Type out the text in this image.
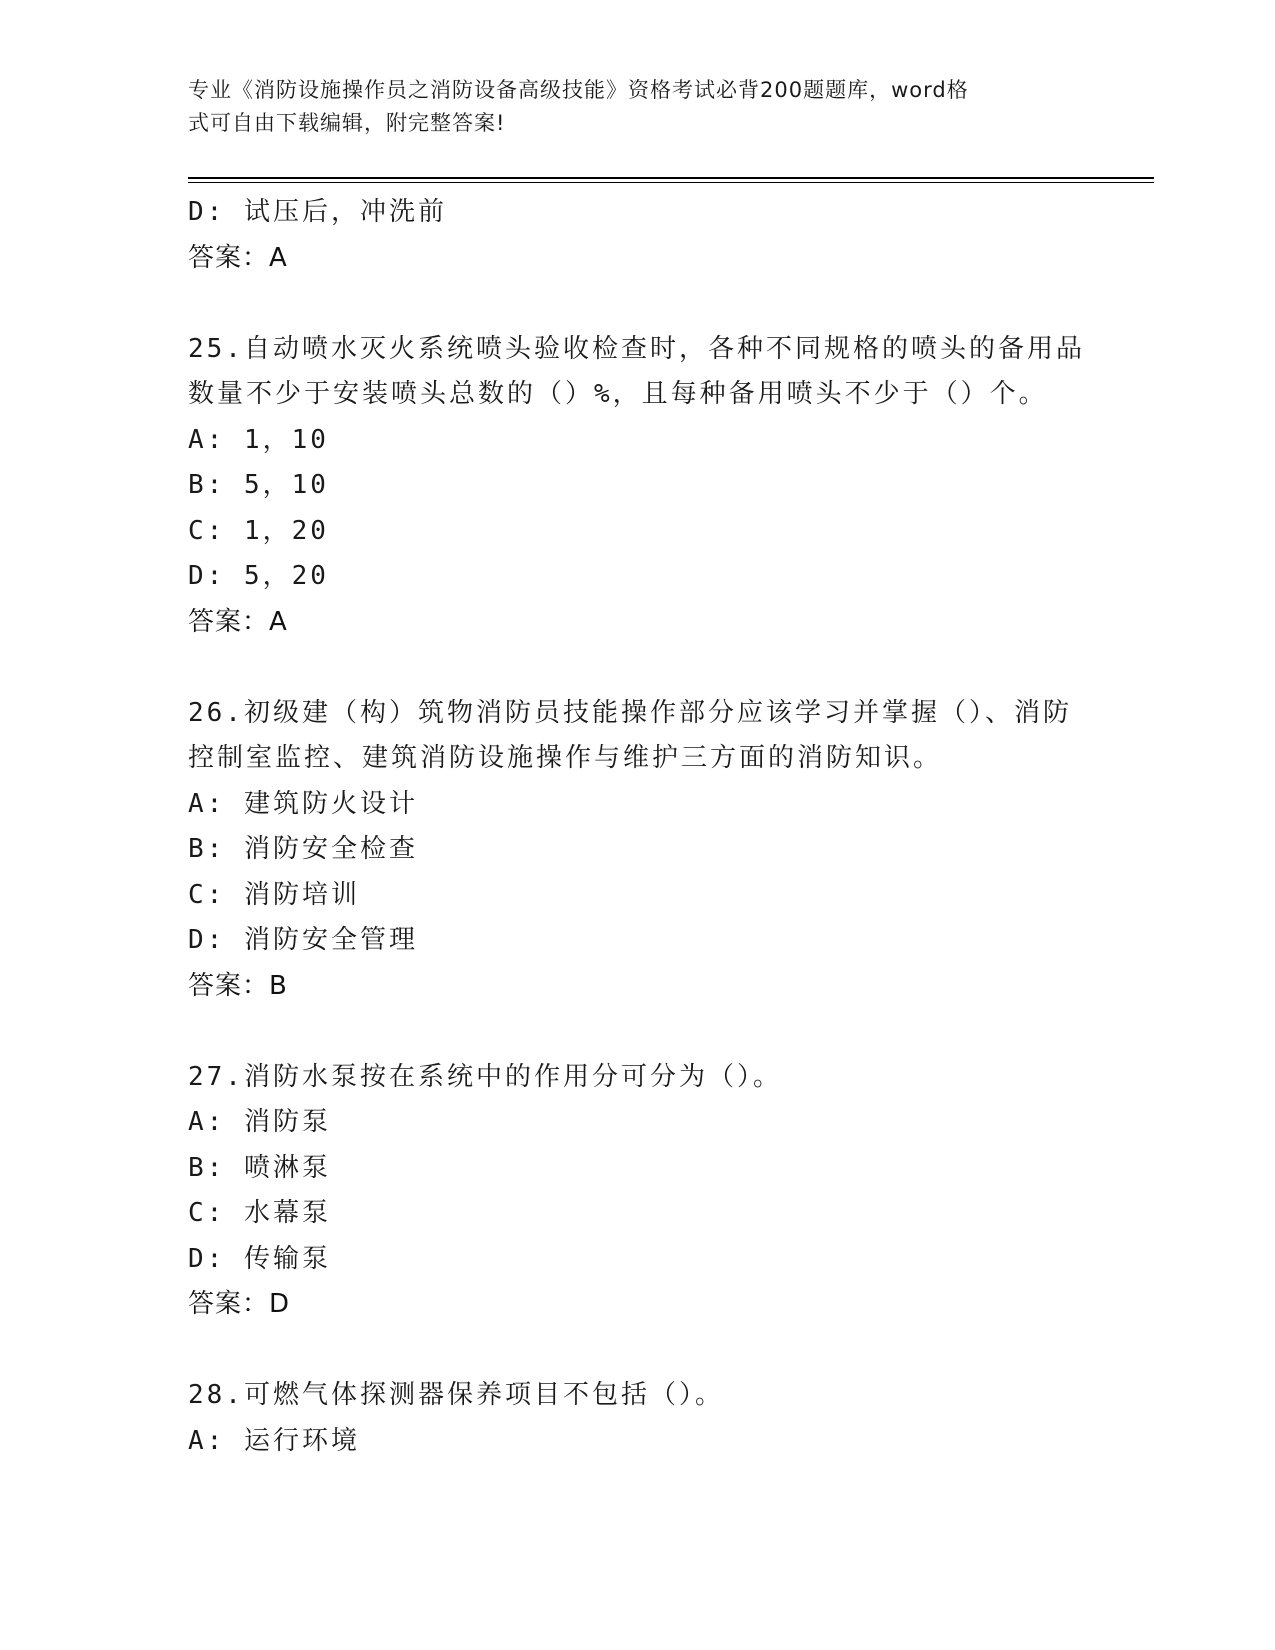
专业《消防设施操作员之消防设备高级技能》资格考试必背200题题库，word格
式可自由下载编辑，附完整答案!
D: 试压后，冲洗前
答案：A
25.自动喷水灭火系统喷头验收检查时，各种不同规格的喷头的备用品
数量不少于安装喷头总数的（）%，且每种备用喷头不少于（）个。
A: 1，10
B: 5，10
C: 1，20
D: 5，20
答案：A
26.初级建（构）筑物消防员技能操作部分应该学习并掌握（）、消防
控制室监控、建筑消防设施操作与维护三方面的消防知识。
A: 建筑防火设计
B: 消防安全检查
C: 消防培训
D: 消防安全管理
答案：B
27.消防水泵按在系统中的作用分可分为（）。
A: 消防泵
B: 喷淋泵
C: 水幕泵
D: 传输泵
答案：D
28.可燃气体探测器保养项目不包括（）。
A: 运行环境
